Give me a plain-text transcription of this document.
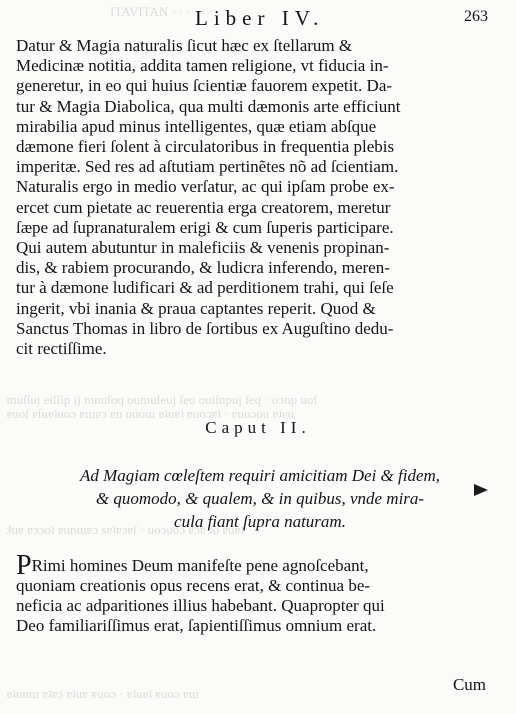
ITAVITAN · · · · · ·
muſſuj eiſſip ij mnuſoq oumuleuj ſeu ouiſnpuj ſeq · oɔnp uoſ
ɐuoſ ɐſuɐʇuoɔ ɐɯɐɔ ɐu ouoɯ ɐʇuɐʇ ɐuoɔɐʇ · ɐuoɔou ɐʇɐu
Ɉuɐ ɐɔɔoʇ ɐunɯɐɔ sɐʇɐɔɐſ · uoɔuoɔ ɐɔɐ ʇo ɐuɐʇ
ɐʇunɯ ɐʇɐɔ ɐʇuɐ ɐuoɔ · ɐʇuɐʇ ɐuoɔ ɐɯ
Liber IV.	263
Datur & Magia naturalis ſicut hæc ex ſtellarum &
Medicinæ notitia, addita tamen religione, vt fiducia in-
generetur, in eo qui huius ſcientiæ fauorem expetit. Da-
tur & Magia Diabolica, qua multi dæmonis arte efficiunt
mirabilia apud minus intelligentes, quæ etiam abſque
dæmone fieri ſolent à circulatoribus in frequentia plebis
imperitæ. Sed res ad aſtutiam pertinẽtes nõ ad ſcientiam.
Naturalis ergo in medio verſatur, ac qui ipſam probe ex-
ercet cum pietate ac reuerentia erga creatorem, meretur
ſæpe ad ſupranaturalem erigi & cum ſuperis participare.
Qui autem abutuntur in maleficiis & venenis propinan-
dis, & rabiem procurando, & ludicra inferendo, meren-
tur à dæmone ludificari & ad perditionem trahi, qui ſeſe
ingerit, vbi inania & praua captantes reperit. Quod &
Sanctus Thomas in libro de ſortibus ex Auguſtino dedu-
cit rectiſſime.
Caput II.
Ad Magiam cœleſtem requiri amicitiam Dei & fidem,
& quomodo, & qualem, & in quibus, vnde mira-
cula fiant ſupra naturam.
PRimi homines Deum manifeſte pene agnoſcebant,
quoniam creationis opus recens erat, & continua be-
neficia ac adparitiones illius habebant. Quapropter qui
Deo familiariſſimus erat, ſapientiſſimus omnium erat.
Cum
